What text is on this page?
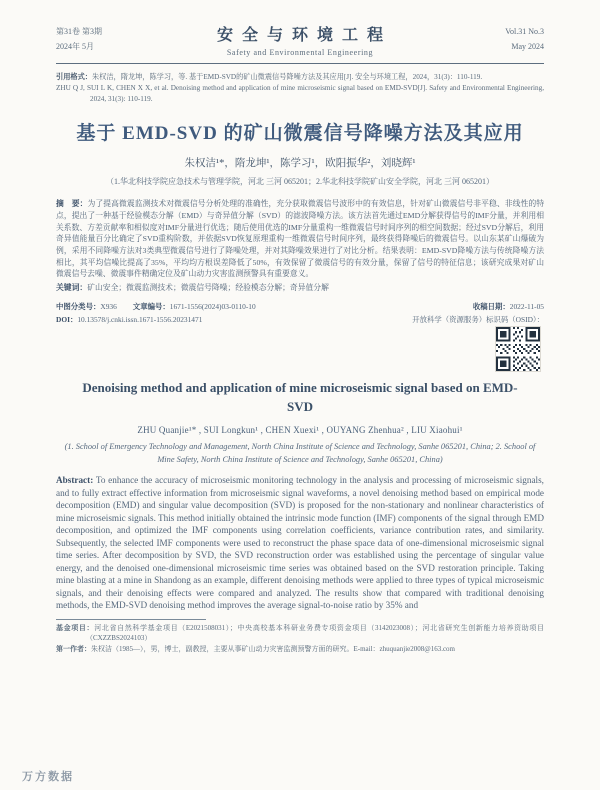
第31卷 第3期
2024年 5月
安全与环境工程
Safety and Environmental Engineering
Vol.31 No.3
May 2024
引用格式：朱权洁，隋龙坤，陈学习，等. 基于EMD-SVD的矿山微震信号降噪方法及其应用[J]. 安全与环境工程，2024，31(3)：110-119.
ZHU Q J, SUI L K, CHEN X X, et al. Denoising method and application of mine microseismic signal based on EMD-SVD[J]. Safety and Environmental Engineering, 2024, 31(3): 110-119.
基于 EMD-SVD 的矿山微震信号降噪方法及其应用
朱权洁¹*，隋龙坤¹，陈学习¹，欧阳振华²，刘晓辉¹
（1.华北科技学院应急技术与管理学院，河北 三河 065201；2.华北科技学院矿山安全学院，河北 三河 065201）

摘　要：为了提高微震监测技术对微震信号分析处理的准确性，充分获取微震信号波形中的有效信息，针对矿山微震信号非平稳、非线性的特点，提出了一种基于经验模态分解（EMD）与奇异值分解（SVD）的滤波降噪方法。该方法首先通过EMD分解获得信号的IMF分量，并利用相关系数、方差贡献率和相似度对IMF分量进行优选；随后使用优选的IMF分量重构一维微震信号时间序列的相空间数据；经过SVD分解后，利用奇异值能量百分比确定了SVD重构阶数，并依据SVD恢复原理重构一维微震信号时间序列，最终获得降噪后的微震信号。以山东某矿山爆破为例，采用不同降噪方法对3类典型微震信号进行了降噪处理，并对其降噪效果进行了对比分析。结果表明：EMD-SVD降噪方法与传统降噪方法相比，其平均信噪比提高了35%，平均均方根误差降低了50%，有效保留了微震信号的有效分量，保留了信号的特征信息；该研究成果对矿山微震信号去噪、微震事件精确定位及矿山动力灾害监测预警具有重要意义。

关键词：矿山安全；微震监测技术；微震信号降噪；经验模态分解；奇异值分解

中图分类号：X936 文章编号：1671-1556(2024)03-0110-10	收稿日期：2022-11-05
DOI：10.13578/j.cnki.issn.1671-1556.20231471	开放科学（资源服务）标识码（OSID）：
Denoising method and application of mine microseismic signal based on EMD-SVD
ZHU Quanjie¹* , SUI Longkun¹ , CHEN Xuexi¹ , OUYANG Zhenhua² , LIU Xiaohui¹
(1. School of Emergency Technology and Management, North China Institute of Science and Technology, Sanhe 065201, China; 2. School of Mine Safety, North China Institute of Science and Technology, Sanhe 065201, China)

Abstract: To enhance the accuracy of microseismic monitoring technology in the analysis and processing of microseismic signals, and to fully extract effective information from microseismic signal waveforms, a novel denoising method based on empirical mode decomposition (EMD) and singular value decomposition (SVD) is proposed for the non-stationary and nonlinear characteristics of mine microseismic signals. This method initially obtained the intrinsic mode function (IMF) components of the signal through EMD decomposition, and optimized the IMF components using correlation coefficients, variance contribution rates, and similarity. Subsequently, the selected IMF components were used to reconstruct the phase space data of one-dimensional microseismic signal time series. After decomposition by SVD, the SVD reconstruction order was established using the percentage of singular value energy, and the denoised one-dimensional microseismic time series was obtained based on the SVD restoration principle. Taking mine blasting at a mine in Shandong as an example, different denoising methods were applied to three types of typical microseismic signals, and their denoising effects were compared and analyzed. The results show that compared with traditional denoising methods, the EMD-SVD denoising method improves the average signal-to-noise ratio by 35% and

基金项目：河北省自然科学基金项目（E2021508031）；中央高校基本科研业务费专项资金项目（3142023008）；河北省研究生创新能力培养资助项目（CXZZBS2024103）
第一作者：朱权洁（1985—），男，博士，副教授，主要从事矿山动力灾害监测预警方面的研究。E-mail：zhuquanjie2008@163.com
万方数据
